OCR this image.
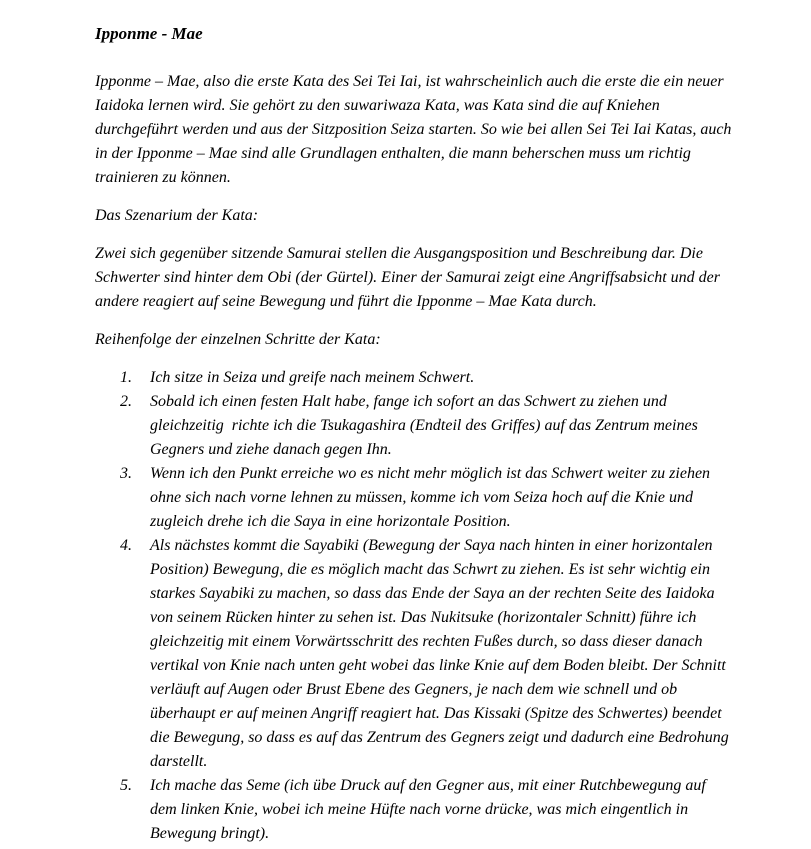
Ipponme - Mae

Ipponme – Mae, also die erste Kata des Sei Tei Iai, ist wahrscheinlich auch die erste die ein neuer Iaidoka lernen wird. Sie gehört zu den suwariwaza Kata, was Kata sind die auf Kniehen durchgeführt werden und aus der Sitzposition Seiza starten. So wie bei allen Sei Tei Iai Katas, auch in der Ipponme – Mae sind alle Grundlagen enthalten, die mann beherschen muss um richtig trainieren zu können.

Das Szenarium der Kata:

Zwei sich gegenüber sitzende Samurai stellen die Ausgangsposition und Beschreibung dar. Die Schwerter sind hinter dem Obi (der Gürtel). Einer der Samurai zeigt eine Angriffsabsicht und der andere reagiert auf seine Bewegung und führt die Ipponme – Mae Kata durch.

Reihenfolge der einzelnen Schritte der Kata:

1.	Ich sitze in Seiza und greife nach meinem Schwert.
2.	Sobald ich einen festen Halt habe, fange ich sofort an das Schwert zu ziehen und gleichzeitig  richte ich die Tsukagashira (Endteil des Griffes) auf das Zentrum meines Gegners und ziehe danach gegen Ihn.
3.	Wenn ich den Punkt erreiche wo es nicht mehr möglich ist das Schwert weiter zu ziehen ohne sich nach vorne lehnen zu müssen, komme ich vom Seiza hoch auf die Knie und zugleich drehe ich die Saya in eine horizontale Position.
4.	Als nächstes kommt die Sayabiki (Bewegung der Saya nach hinten in einer horizontalen Position) Bewegung, die es möglich macht das Schwrt zu ziehen. Es ist sehr wichtig ein starkes Sayabiki zu machen, so dass das Ende der Saya an der rechten Seite des Iaidoka von seinem Rücken hinter zu sehen ist. Das Nukitsuke (horizontaler Schnitt) führe ich gleichzeitig mit einem Vorwärtsschritt des rechten Fußes durch, so dass dieser danach vertikal von Knie nach unten geht wobei das linke Knie auf dem Boden bleibt. Der Schnitt verläuft auf Augen oder Brust Ebene des Gegners, je nach dem wie schnell und ob überhaupt er auf meinen Angriff reagiert hat. Das Kissaki (Spitze des Schwertes) beendet die Bewegung, so dass es auf das Zentrum des Gegners zeigt und dadurch eine Bedrohung darstellt.
5.	Ich mache das Seme (ich übe Druck auf den Gegner aus, mit einer Rutchbewegung auf dem linken Knie, wobei ich meine Hüfte nach vorne drücke, was mich eingentlich in Bewegung bringt).
